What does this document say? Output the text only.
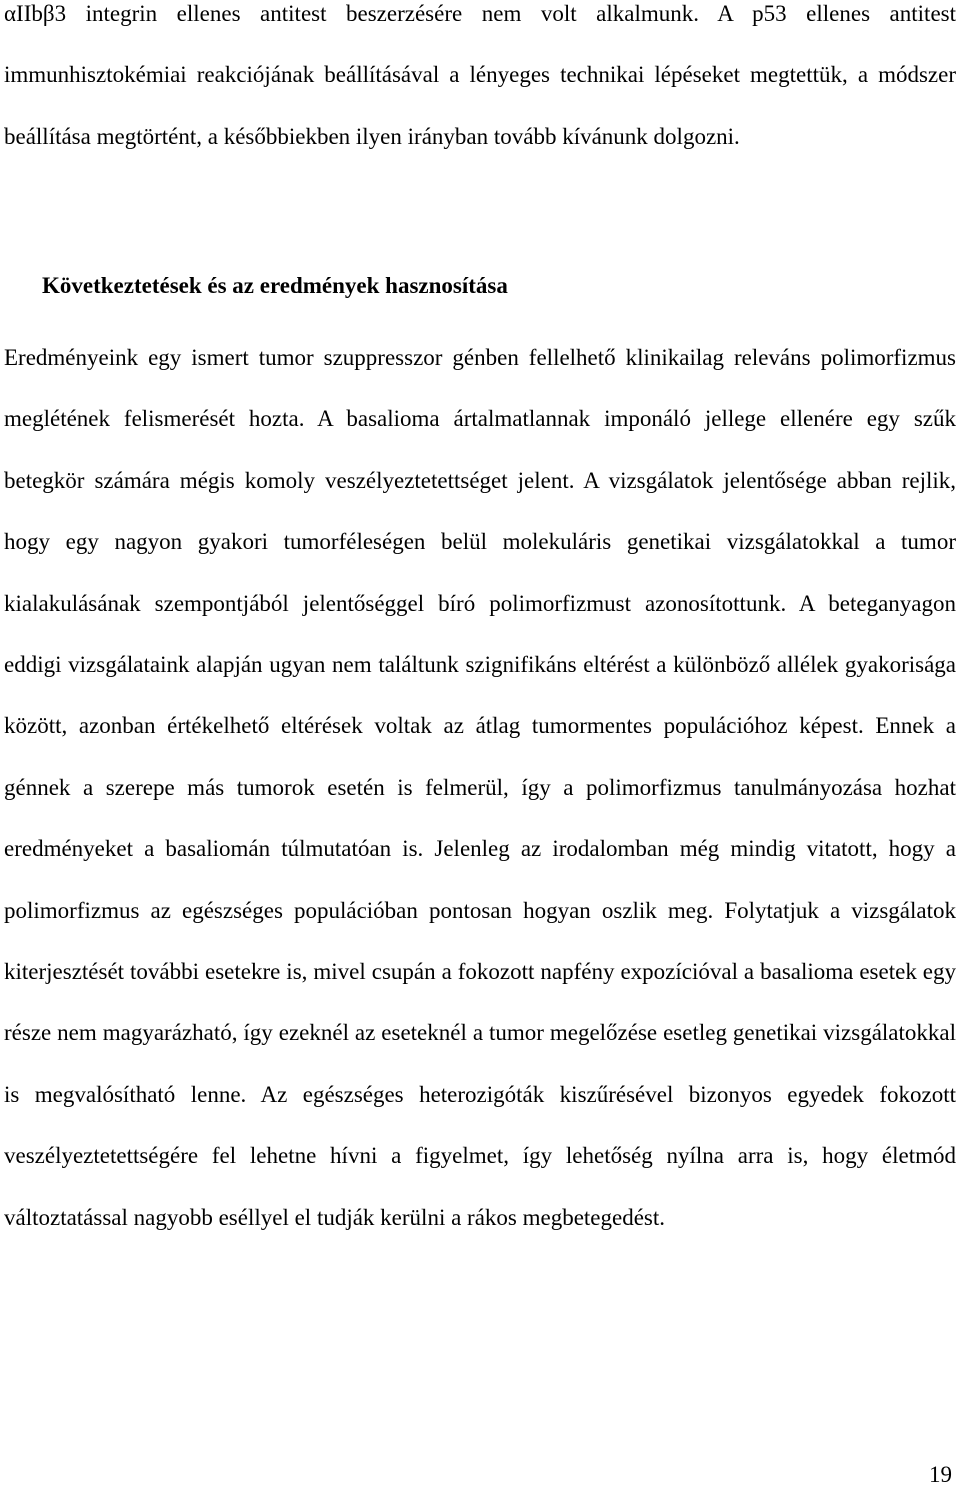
αIIbβ3 integrin ellenes antitest beszerzésére nem volt alkalmunk. A p53 ellenes antitest immunhisztokémiai reakciójának beállításával a lényeges technikai lépéseket megtettük, a módszer beállítása megtörtént, a későbbiekben ilyen irányban tovább kívánunk dolgozni.

Következtetések és az eredmények hasznosítása

Eredményeink egy ismert tumor szuppresszor génben fellelhető klinikailag releváns polimorfizmus meglétének felismerését hozta. A basalioma ártalmatlannak imponáló jellege ellenére egy szűk betegkör számára mégis komoly veszélyeztetettséget jelent. A vizsgálatok jelentősége abban rejlik, hogy egy nagyon gyakori tumorféleségen belül molekuláris genetikai vizsgálatokkal a tumor kialakulásának szempontjából jelentőséggel bíró polimorfizmust azonosítottunk. A beteganyagon eddigi vizsgálataink alapján ugyan nem találtunk szignifikáns eltérést a különböző allélek gyakorisága között, azonban értékelhető eltérések voltak az átlag tumormentes populációhoz képest. Ennek a génnek a szerepe más tumorok esetén is felmerül, így a polimorfizmus tanulmányozása hozhat eredményeket a basaliomán túlmutatóan is. Jelenleg az irodalomban még mindig vitatott, hogy a polimorfizmus az egészséges populációban pontosan hogyan oszlik meg. Folytatjuk a vizsgálatok kiterjesztését további esetekre is, mivel csupán a fokozott napfény expozícióval a basalioma esetek egy része nem magyarázható, így ezeknél az eseteknél a tumor megelőzése esetleg genetikai vizsgálatokkal is megvalósítható lenne. Az egészséges heterozigóták kiszűrésével bizonyos egyedek fokozott veszélyeztetettségére fel lehetne hívni a figyelmet, így lehetőség nyílna arra is, hogy életmód változtatással nagyobb eséllyel el tudják kerülni a rákos megbetegedést.

19
